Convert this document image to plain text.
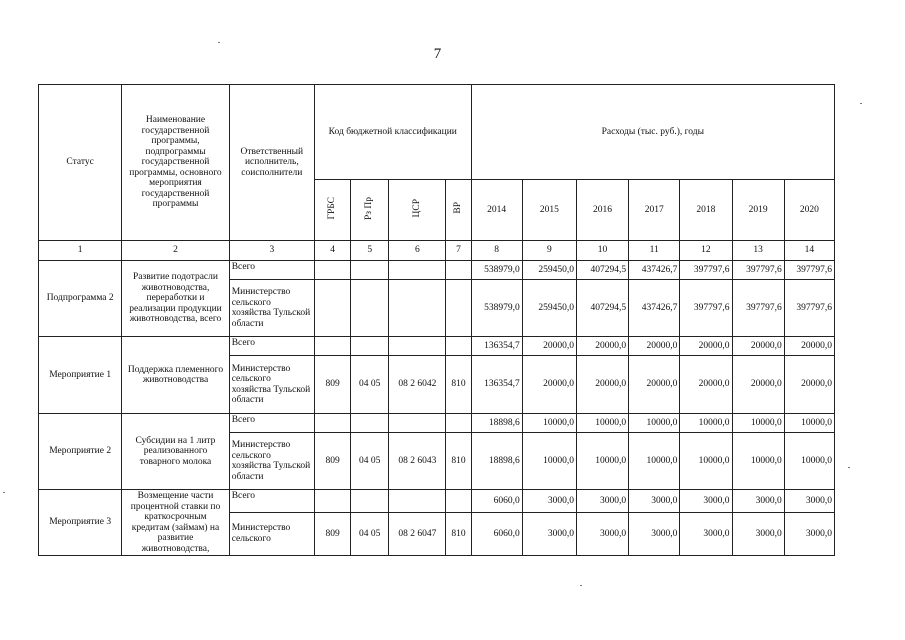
7
Статус	Наименование государственной программы, подпрограммы государственной программы, основного мероприятия государственной программы	Ответственный исполнитель, соисполнители	Код бюджетной классификации				Расходы (тыс. руб.), годы						
			ГРБС	Рз Пр	ЦСР	ВР	2014	2015	2016	2017	2018	2019	2020
1	2	3	4	5	6	7	8	9	10	11	12	13	14
Подпрограмма 2	Развитие подотрасли животноводства, переработки и реализации продукции животноводства, всего	Всего					538979,0	259450,0	407294,5	437426,7	397797,6	397797,6	397797,6
		Министерство сельского хозяйства Тульской области					538979,0	259450,0	407294,5	437426,7	397797,6	397797,6	397797,6
Мероприятие 1	Поддержка племенного животноводства	Всего					136354,7	20000,0	20000,0	20000,0	20000,0	20000,0	20000,0
		Министерство сельского хозяйства Тульской области	809	04 05	08 2 6042	810	136354,7	20000,0	20000,0	20000,0	20000,0	20000,0	20000,0
Мероприятие 2	Субсидии на 1 литр реализованного товарного молока	Всего					18898,6	10000,0	10000,0	10000,0	10000,0	10000,0	10000,0
		Министерство сельского хозяйства Тульской области	809	04 05	08 2 6043	810	18898,6	10000,0	10000,0	10000,0	10000,0	10000,0	10000,0
Мероприятие 3	Возмещение части процентной ставки по краткосрочным кредитам (займам) на развитие животноводства,	Всего					6060,0	3000,0	3000,0	3000,0	3000,0	3000,0	3000,0
		Министерство сельского	809	04 05	08 2 6047	810	6060,0	3000,0	3000,0	3000,0	3000,0	3000,0	3000,0
